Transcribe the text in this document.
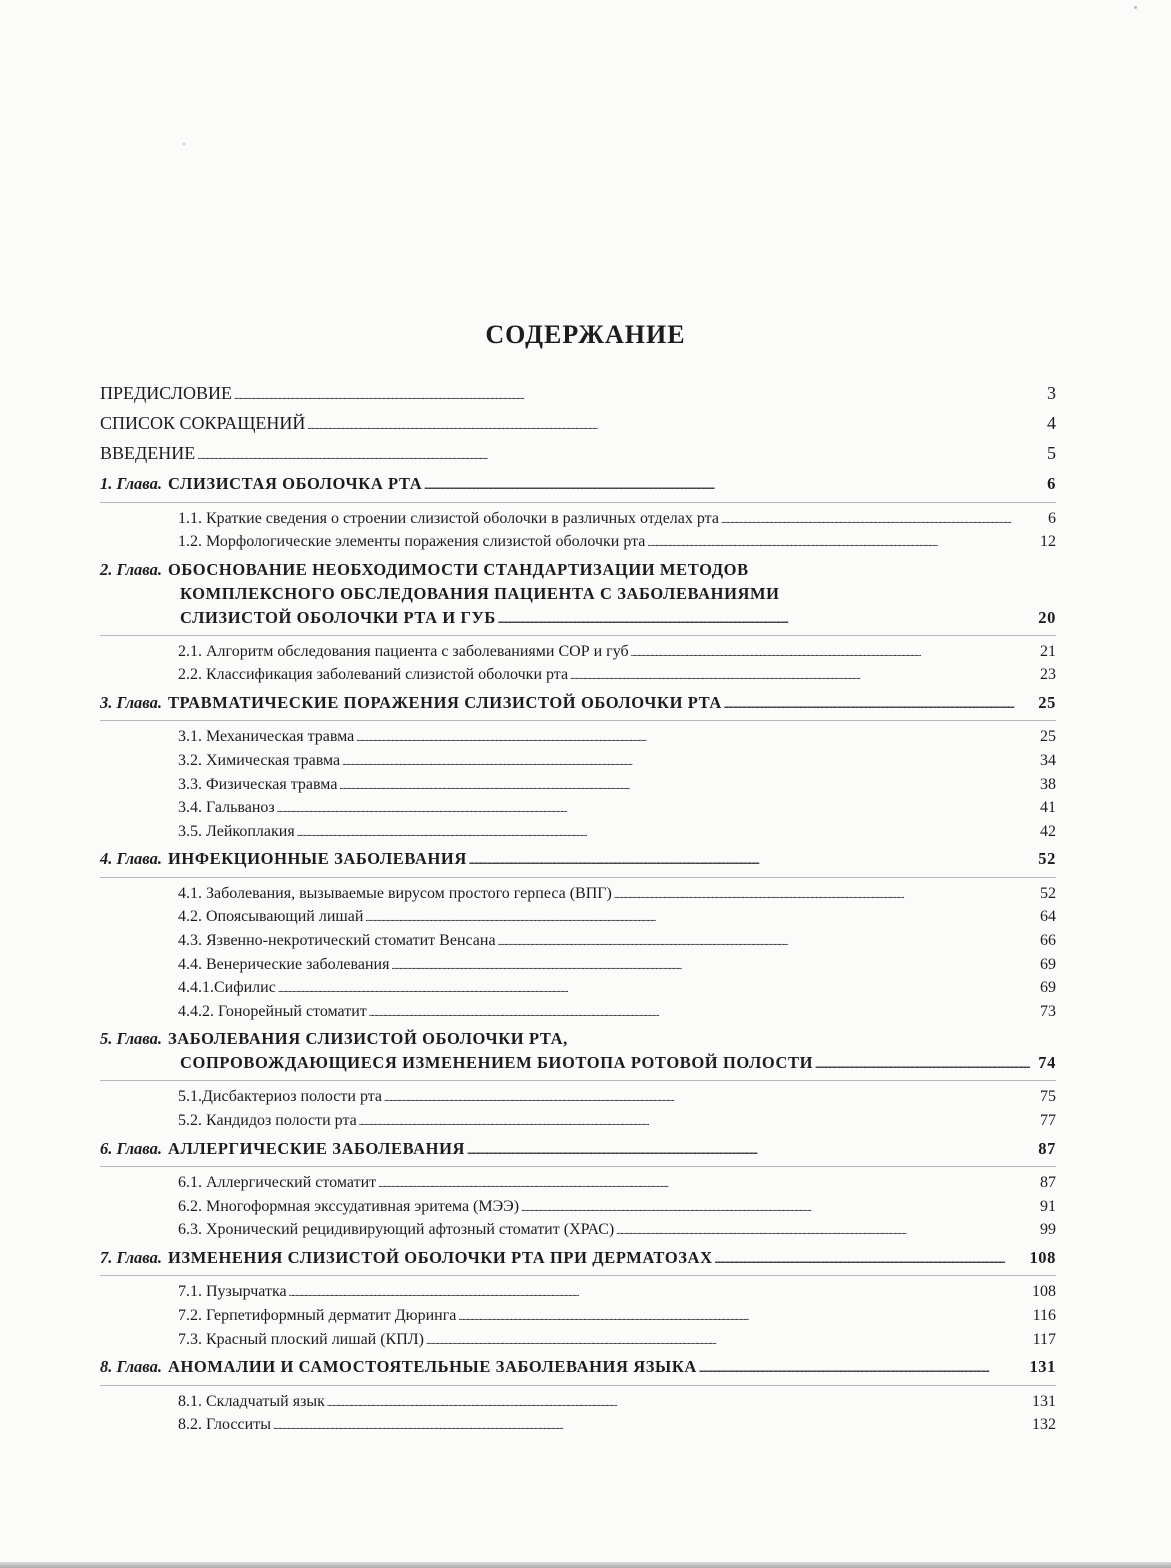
СОДЕРЖАНИЕ
ПРЕДИСЛОВИЕ . . .	3
СПИСОК СОКРАЩЕНИЙ . . .	4
ВВЕДЕНИЕ . . .	5
1. Глава. СЛИЗИСТАЯ ОБОЛОЧКА РТА . . .	6
1.1. Краткие сведения о строении слизистой оболочки в различных отделах рта . . .	6
1.2. Морфологические элементы поражения слизистой оболочки рта . . .	12
2. Глава. ОБОСНОВАНИЕ НЕОБХОДИМОСТИ СТАНДАРТИЗАЦИИ МЕТОДОВ
КОМПЛЕКСНОГО ОБСЛЕДОВАНИЯ ПАЦИЕНТА С ЗАБОЛЕВАНИЯМИ
СЛИЗИСТОЙ ОБОЛОЧКИ РТА И ГУБ . . .	20
2.1. Алгоритм обследования пациента с заболеваниями СОР и губ . . .	21
2.2. Классификация заболеваний слизистой оболочки рта . . .	23
3. Глава. ТРАВМАТИЧЕСКИЕ ПОРАЖЕНИЯ СЛИЗИСТОЙ ОБОЛОЧКИ РТА . . .	25
3.1. Механическая травма . . .	25
3.2. Химическая травма . . .	34
3.3. Физическая травма . . .	38
3.4. Гальваноз . . .	41
3.5. Лейкоплакия . . .	42
4. Глава. ИНФЕКЦИОННЫЕ ЗАБОЛЕВАНИЯ . . .	52
4.1. Заболевания, вызываемые вирусом простого герпеса (ВПГ) . . .	52
4.2. Опоясывающий лишай . . .	64
4.3. Язвенно-некротический стоматит Венсана . . .	66
4.4. Венерические заболевания . . .	69
4.4.1.Сифилис . . .	69
4.4.2. Гонорейный стоматит . . .	73
5. Глава. ЗАБОЛЕВАНИЯ СЛИЗИСТОЙ ОБОЛОЧКИ РТА,
СОПРОВОЖДАЮЩИЕСЯ ИЗМЕНЕНИЕМ БИОТОПА РОТОВОЙ ПОЛОСТИ . . .	74
5.1.Дисбактериоз полости рта . . .	75
5.2. Кандидоз полости рта . . .	77
6. Глава. АЛЛЕРГИЧЕСКИЕ ЗАБОЛЕВАНИЯ . . .	87
6.1. Аллергический стоматит . . .	87
6.2. Многоформная экссудативная эритема (МЭЭ) . . .	91
6.3. Хронический рецидивирующий афтозный стоматит (ХРАС) . . .	99
7. Глава. ИЗМЕНЕНИЯ СЛИЗИСТОЙ ОБОЛОЧКИ РТА ПРИ ДЕРМАТОЗАХ . . .	108
7.1. Пузырчатка . . .	108
7.2. Герпетиформный дерматит Дюринга . . .	116
7.3. Красный плоский лишай (КПЛ) . . .	117
8. Глава. АНОМАЛИИ И САМОСТОЯТЕЛЬНЫЕ ЗАБОЛЕВАНИЯ ЯЗЫКА . . .	131
8.1. Складчатый язык . . .	131
8.2. Глосситы . . .	132
